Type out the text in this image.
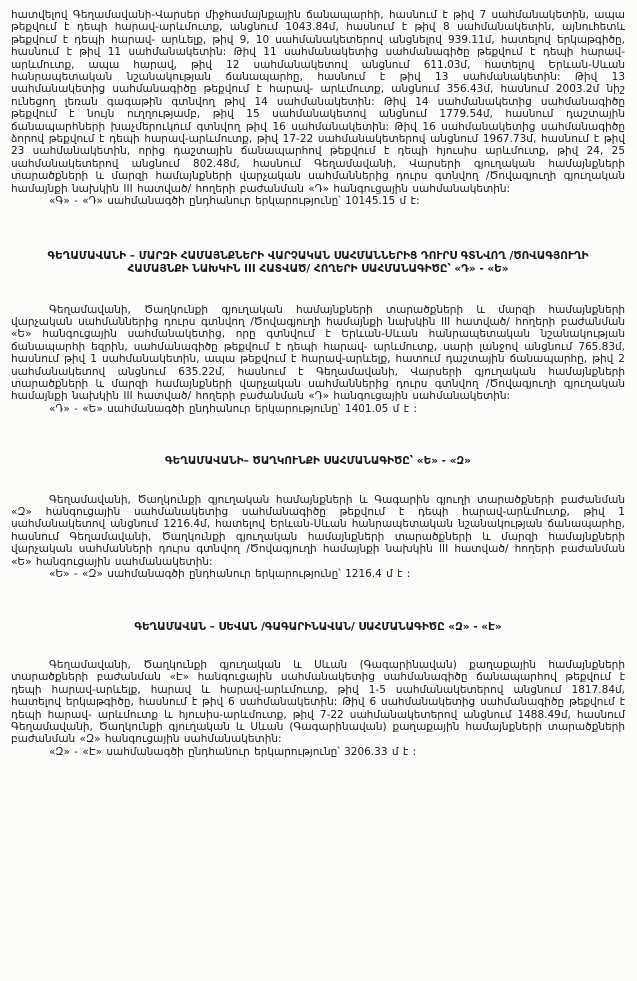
հատվելով Գեղամավանի-Վարսեր միջհամայնքային ճանապարհի, հասնում է թիվ 7 սահմանակետին, ապա թեքվում է դեպի հարավ-արևմուտք, անցնում 1043.84մ, հասնում է թիվ 8 սահմանակետին, այնուհետև թեքվում է դեպի հարավ- արևելք, թիվ 9, 10 սահմանակետերով անցնելով 939.11մ, հատելով երկաթգիծը, հասնում է թիվ 11 սահմանակետին: Թիվ 11 սահմանակետից սահմանագիծը թեքվում է դեպի հարավ-արևմուտք, ապա հարավ, թիվ 12 սահմանակետով անցնում 611.03մ, հատելով Երևան-Սևան հանրապետական նշանակության ճանապարհը, հասնում է թիվ 13 սահմանակետին: Թիվ 13 սահմանակետից սահմանագիծը թեքվում է հարավ- արևմուտք, անցնում 356.43մ, հասնում 2003.2մ նիշ ունեցող լեռան գագաթին գտնվող թիվ 14 սահմանակետին: Թիվ 14 սահմանակետից սահմանագիծը թեքվում է նույն ուղղությամբ, թիվ 15 սահմանակետով անցնում 1779.54մ, հասնում դաշտային ճանապարհների խաչմերուկում գտնվող թիվ 16 սահմանակետին: Թիվ 16 սահմանակետից սահմանագիծը ձորով թեքվում է դեպի հարավ-արևմուտք, թիվ 17-22 սահմանակետերով անցնում 1967.73մ, հասնում է թիվ 23 սահմանակետին, որից դաշտային ճանապարհով թեքվում է դեպի հյուսիս արևմուտք, թիվ 24, 25 սահմանակետերով անցնում 802.48մ, հասնում Գեղամավանի, Վարսերի գյուղական համայնքների տարածքների և մարզի համայնքների վարչական սահմաններից դուրս գտնվող /Ծովագյուղի գյուղական համայնքի նախկին III հատված/ հողերի բաժանման «Դ» հանգուցային սահմանակետին:

«Գ» - «Դ» սահմանագծի ընդհանուր երկարությունը՝ 10145.15 մ է:

ԳԵՂԱՄԱՎԱՆԻ – ՄԱՐԶԻ ՀԱՄԱՅՆՔՆԵՐԻ ՎԱՐՉԱԿԱՆ ՍԱՀՄԱՆՆԵՐԻՑ ԴՈՒՐՍ ԳՏՆՎՈՂ /ԾՈՎԱԳՅՈՒՂԻ ՀԱՄԱՅՆՔԻ ՆԱԽԿԻՆ III ՀԱՏՎԱԾ/ ՀՈՂԵՐԻ ՍԱՀՄԱՆԱԳԻԾԸ՝ «Դ» - «Ե»

Գեղամավանի, Ծաղկունքի գյուղական համայնքների տարածքների և մարզի համայնքների վարչական սահմաններից դուրս գտնվող /Ծովագյուղի համայնքի նախկին III հատված/ հողերի բաժանման «Ե» հանգուցային սահմանակետից, որը գտնվում է Երևան-Սևան հանրապետական նշանակության ճանապարհի եզրին, սահմանագիծը թեքվում է դեպի հարավ- արևմուտք, սարի լանջով անցնում 765.83մ, հասնում թիվ 1 սահմանակետին, ապա թեքվում է հարավ-արևելք, հատում դաշտային ճանապարհը, թիվ 2 սահմանակետով անցնում 635.22մ, հասնում է Գեղամավանի, Վարսերի գյուղական համայնքների տարածքների և մարզի համայնքների վարչական սահմաններից դուրս գտնվող /Ծովագյուղի գյուղական համայնքի նախկին III հատված/ հողերի բաժանման «Դ» հանգուցային սահմանակետին:

«Դ» - «Ե» սահմանագծի ընդհանուր երկարությունը՝ 1401.05 մ է :

ԳԵՂԱՄԱՎԱՆԻ– ԾԱՂԿՈՒՆՔԻ ՍԱՀՄԱՆԱԳԻԾԸ՝ «Ե» - «Զ»

Գեղամավանի, Ծաղկունքի գյուղական համայնքների և Գագարին գյուղի տարածքների բաժանման «Զ» հանգուցային սահմանակետից սահմանագիծը թեքվում է դեպի հարավ-արևմուտք, թիվ 1 սահմանակետով անցնում 1216.4մ, հատելով Երևան-Սևան հանրապետական նշանակության ճանապարհը, հասնում Գեղամավանի, Ծաղկունքի գյուղական համայնքների տարածքների և մարզի համայնքների վարչական սահմանների դուրս գտնվող /Ծովագյուղի համայնքի նախկին III հատված/ հողերի բաժանման «Ե» հանգուցային սահմանակետին:

«Ե» - «Զ» սահմանագծի ընդհանուր երկարությունը՝ 1216.4 մ է :

ԳԵՂԱՄԱՎԱՆ – ՍԵՎԱՆ /ԳԱԳԱՐԻՆԱՎԱՆ/ ՍԱՀՄԱՆԱԳԻԾԸ «Զ» - «Է»

Գեղամավանի, Ծաղկունքի գյուղական և Սևան (Գագարինավան) քաղաքային համայնքների տարածքների բաժանման «Է» հանգուցային սահմանակետից սահմանագիծը ճանապարհով թեքվում է դեպի հարավ-արևելք, հարավ և հարավ-արևմուտք, թիվ 1-5 սահմանակետերով անցնում 1817.84մ, հատելով երկաթգիծը, հասնում է թիվ 6 սահմանակետին: Թիվ 6 սահմանակետից սահմանագիծը թեքվում է դեպի հարավ- արևմուտք և հյուսիս-արևմուտք, թիվ 7-22 սահմանակետերով անցնում 1488.49մ, հասնում Գեղամավանի, Ծաղկունքի գյուղական և Սևան (Գագարինավան) քաղաքային համայնքների տարածքների բաժանման «Զ» հանգուցային սահմանակետին:

«Զ» - «Է» սահմանագծի ընդհանուր երկարությունը՝ 3206.33 մ է :
